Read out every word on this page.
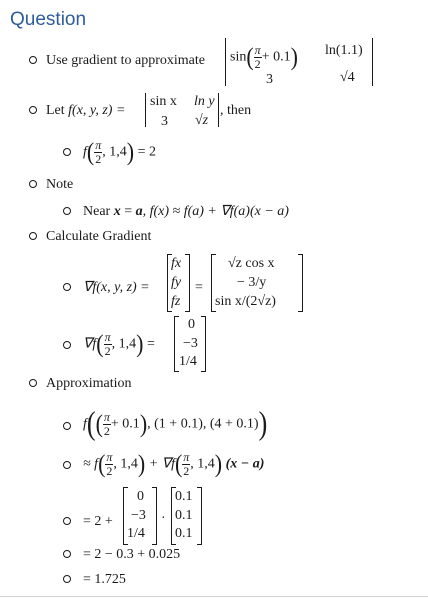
Question
Use gradient to approximate $\sin( \frac{\pi}{2} + 0.1)$ ln(1.1)
3	√4
Let f(x, y, z) =
sin x ln y
3 √z
, then
$f( \frac{\pi}{2}$ , 1,4) = 2
Note
Near x = a, f(x) ≈ f(a) + ∇f(a)(x − a)
Calculate Gradient
∇f(x, y, z) =
fx
fy
fz
=
√z cos x
− 3/y
sin x/(2√z)
$\nabla f( \frac{\pi}{2}$ , 1,4) =
0
−3
1/4
Approximation
$f(( \frac{\pi}{2} + 0.1)$, (1 + 0.1), (4 + 0.1))
≈ $f( \frac{\pi}{2}$ , $1,4) + \nabla f( \frac{\pi}{2}$ , 1,4) (x − a)
= 2 +
0
−3
1/4
·
0.1
0.1
0.1
= 2 − 0.3 + 0.025
= 1.725
